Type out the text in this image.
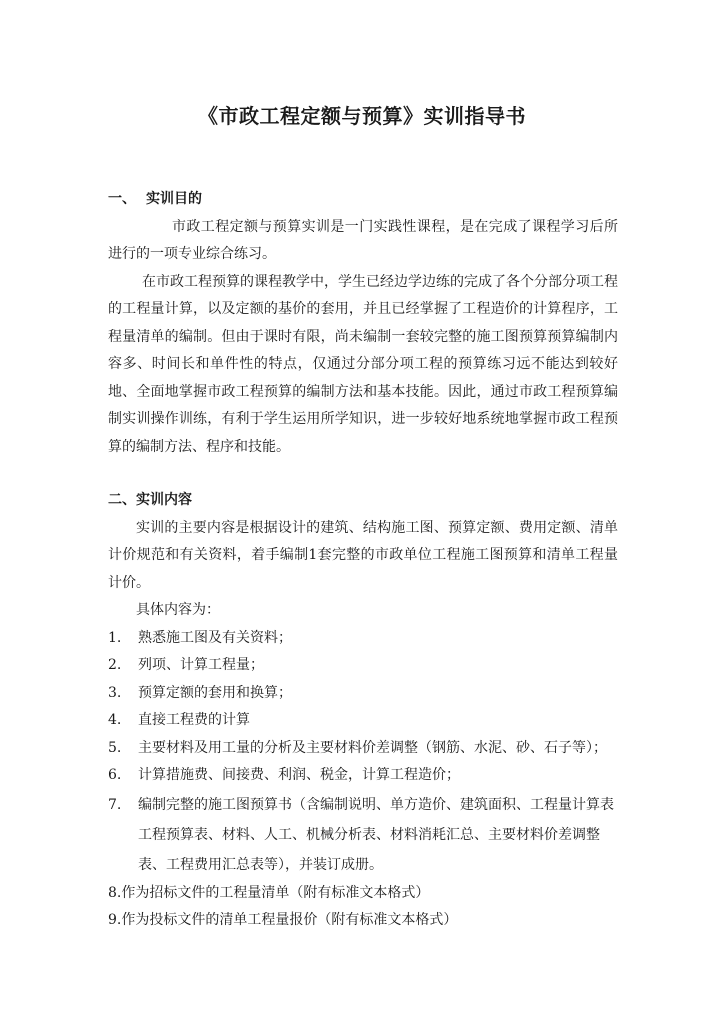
《市政工程定额与预算》实训指导书

一、 实训目的

市政工程定额与预算实训是一门实践性课程，是在完成了课程学习后所进行的一项专业综合练习。

在市政工程预算的课程教学中，学生已经边学边练的完成了各个分部分项工程的工程量计算，以及定额的基价的套用，并且已经掌握了工程造价的计算程序，工程量清单的编制。但由于课时有限，尚未编制一套较完整的施工图预算预算编制内容多、时间长和单件性的特点，仅通过分部分项工程的预算练习远不能达到较好地、全面地掌握市政工程预算的编制方法和基本技能。因此，通过市政工程预算编制实训操作训练，有利于学生运用所学知识，进一步较好地系统地掌握市政工程预算的编制方法、程序和技能。

二、实训内容

实训的主要内容是根据设计的建筑、结构施工图、预算定额、费用定额、清单计价规范和有关资料，着手编制1套完整的市政单位工程施工图预算和清单工程量计价。

具体内容为：

1. 熟悉施工图及有关资料；
2. 列项、计算工程量；
3. 预算定额的套用和换算；
4. 直接工程费的计算
5. 主要材料及用工量的分析及主要材料价差调整（钢筋、水泥、砂、石子等）；
6. 计算措施费、间接费、利润、税金，计算工程造价；
7. 编制完整的施工图预算书（含编制说明、单方造价、建筑面积、工程量计算表工程预算表、材料、人工、机械分析表、材料消耗汇总、主要材料价差调整表、工程费用汇总表等），并装订成册。

8.作为招标文件的工程量清单（附有标准文本格式）

9.作为投标文件的清单工程量报价（附有标准文本格式）
